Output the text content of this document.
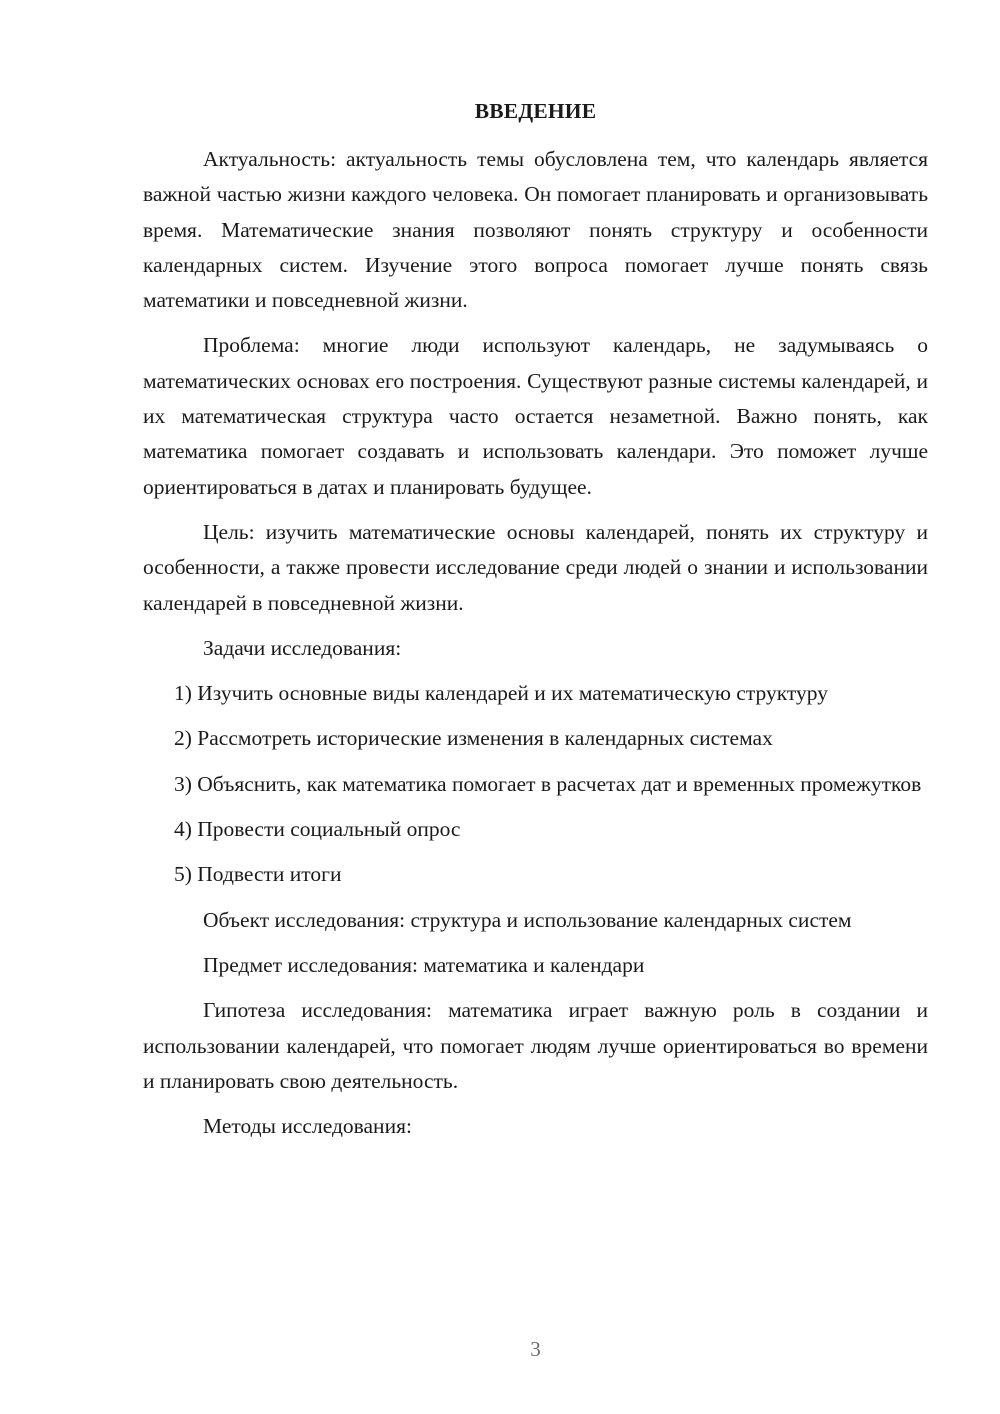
ВВЕДЕНИЕ

Актуальность: актуальность темы обусловлена тем, что календарь является важной частью жизни каждого человека. Он помогает планировать и организовывать время. Математические знания позволяют понять структуру и особенности календарных систем. Изучение этого вопроса помогает лучше понять связь математики и повседневной жизни.

Проблема: многие люди используют календарь, не задумываясь о математических основах его построения. Существуют разные системы календарей, и их математическая структура часто остается незаметной. Важно понять, как математика помогает создавать и использовать календари. Это поможет лучше ориентироваться в датах и планировать будущее.

Цель: изучить математические основы календарей, понять их структуру и особенности, а также провести исследование среди людей о знании и использовании календарей в повседневной жизни.

Задачи исследования:

1) Изучить основные виды календарей и их математическую структуру

2) Рассмотреть исторические изменения в календарных системах

3) Объяснить, как математика помогает в расчетах дат и временных промежутков

4) Провести социальный опрос

5) Подвести итоги

Объект исследования: структура и использование календарных систем

Предмет исследования: математика и календари

Гипотеза исследования: математика играет важную роль в создании и использовании календарей, что помогает людям лучше ориентироваться во времени и планировать свою деятельность.

Методы исследования:

3
